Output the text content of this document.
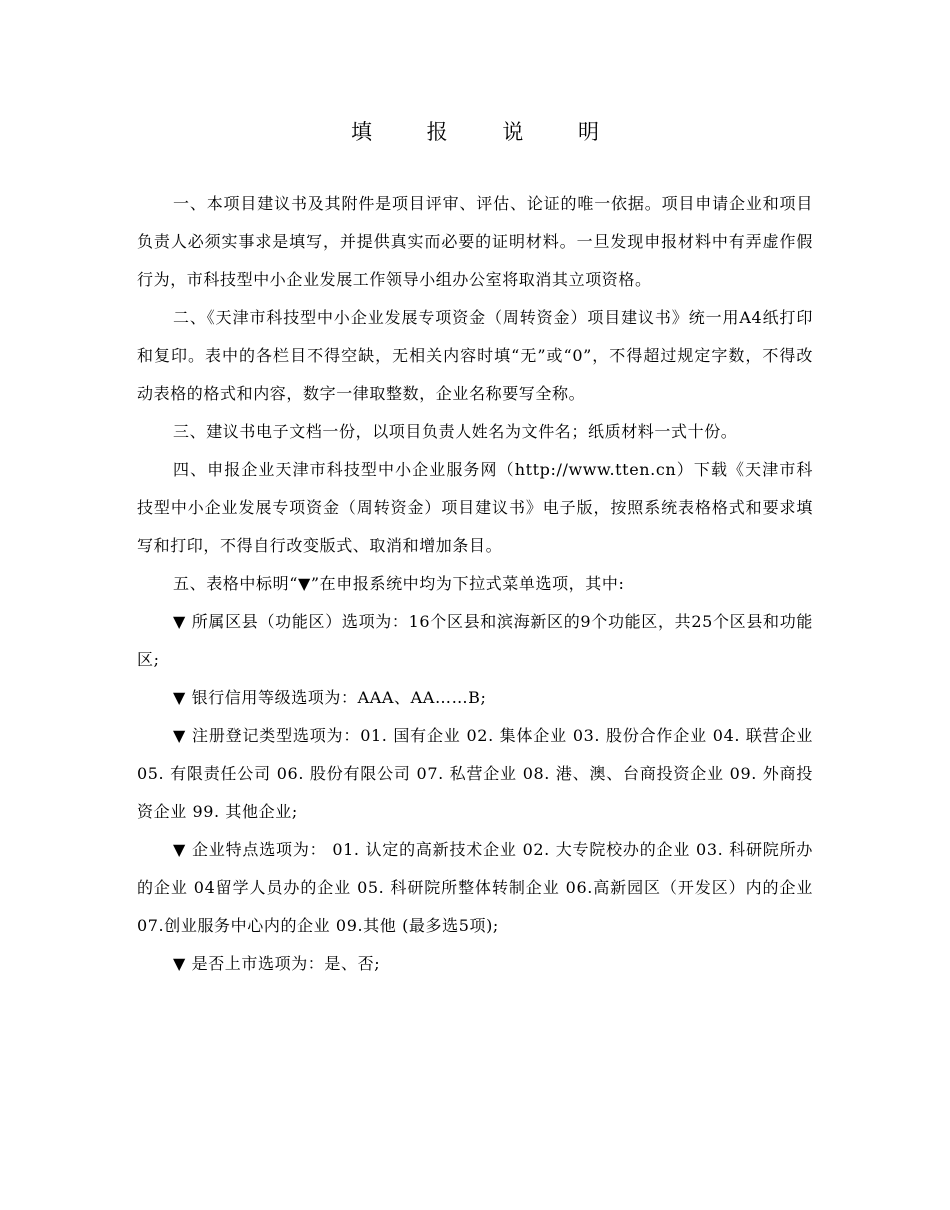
填 报 说 明

一、本项目建议书及其附件是项目评审、评估、论证的唯一依据。项目申请企业和项目负责人必须实事求是填写，并提供真实而必要的证明材料。一旦发现申报材料中有弄虚作假行为，市科技型中小企业发展工作领导小组办公室将取消其立项资格。

二、《天津市科技型中小企业发展专项资金（周转资金）项目建议书》统一用A4纸打印和复印。表中的各栏目不得空缺，无相关内容时填“无”或“0”，不得超过规定字数，不得改动表格的格式和内容，数字一律取整数，企业名称要写全称。

三、建议书电子文档一份，以项目负责人姓名为文件名；纸质材料一式十份。

四、申报企业天津市科技型中小企业服务网（http://www.tten.cn）下载《天津市科技型中小企业发展专项资金（周转资金）项目建议书》电子版，按照系统表格格式和要求填写和打印，不得自行改变版式、取消和增加条目。

五、表格中标明“▼”在申报系统中均为下拉式菜单选项，其中:

▼ 所属区县（功能区）选项为：16个区县和滨海新区的9个功能区，共25个区县和功能区;

▼ 银行信用等级选项为：AAA、AA……B;

▼ 注册登记类型选项为：01. 国有企业 02. 集体企业 03. 股份合作企业 04. 联营企业 05. 有限责任公司 06. 股份有限公司 07. 私营企业 08. 港、澳、台商投资企业 09. 外商投资企业 99. 其他企业;

▼ 企业特点选项为： 01. 认定的高新技术企业 02. 大专院校办的企业 03. 科研院所办的企业 04留学人员办的企业 05. 科研院所整体转制企业 06.高新园区（开发区）内的企业 07.创业服务中心内的企业 09.其他 (最多选5项);

▼ 是否上市选项为：是、否;
